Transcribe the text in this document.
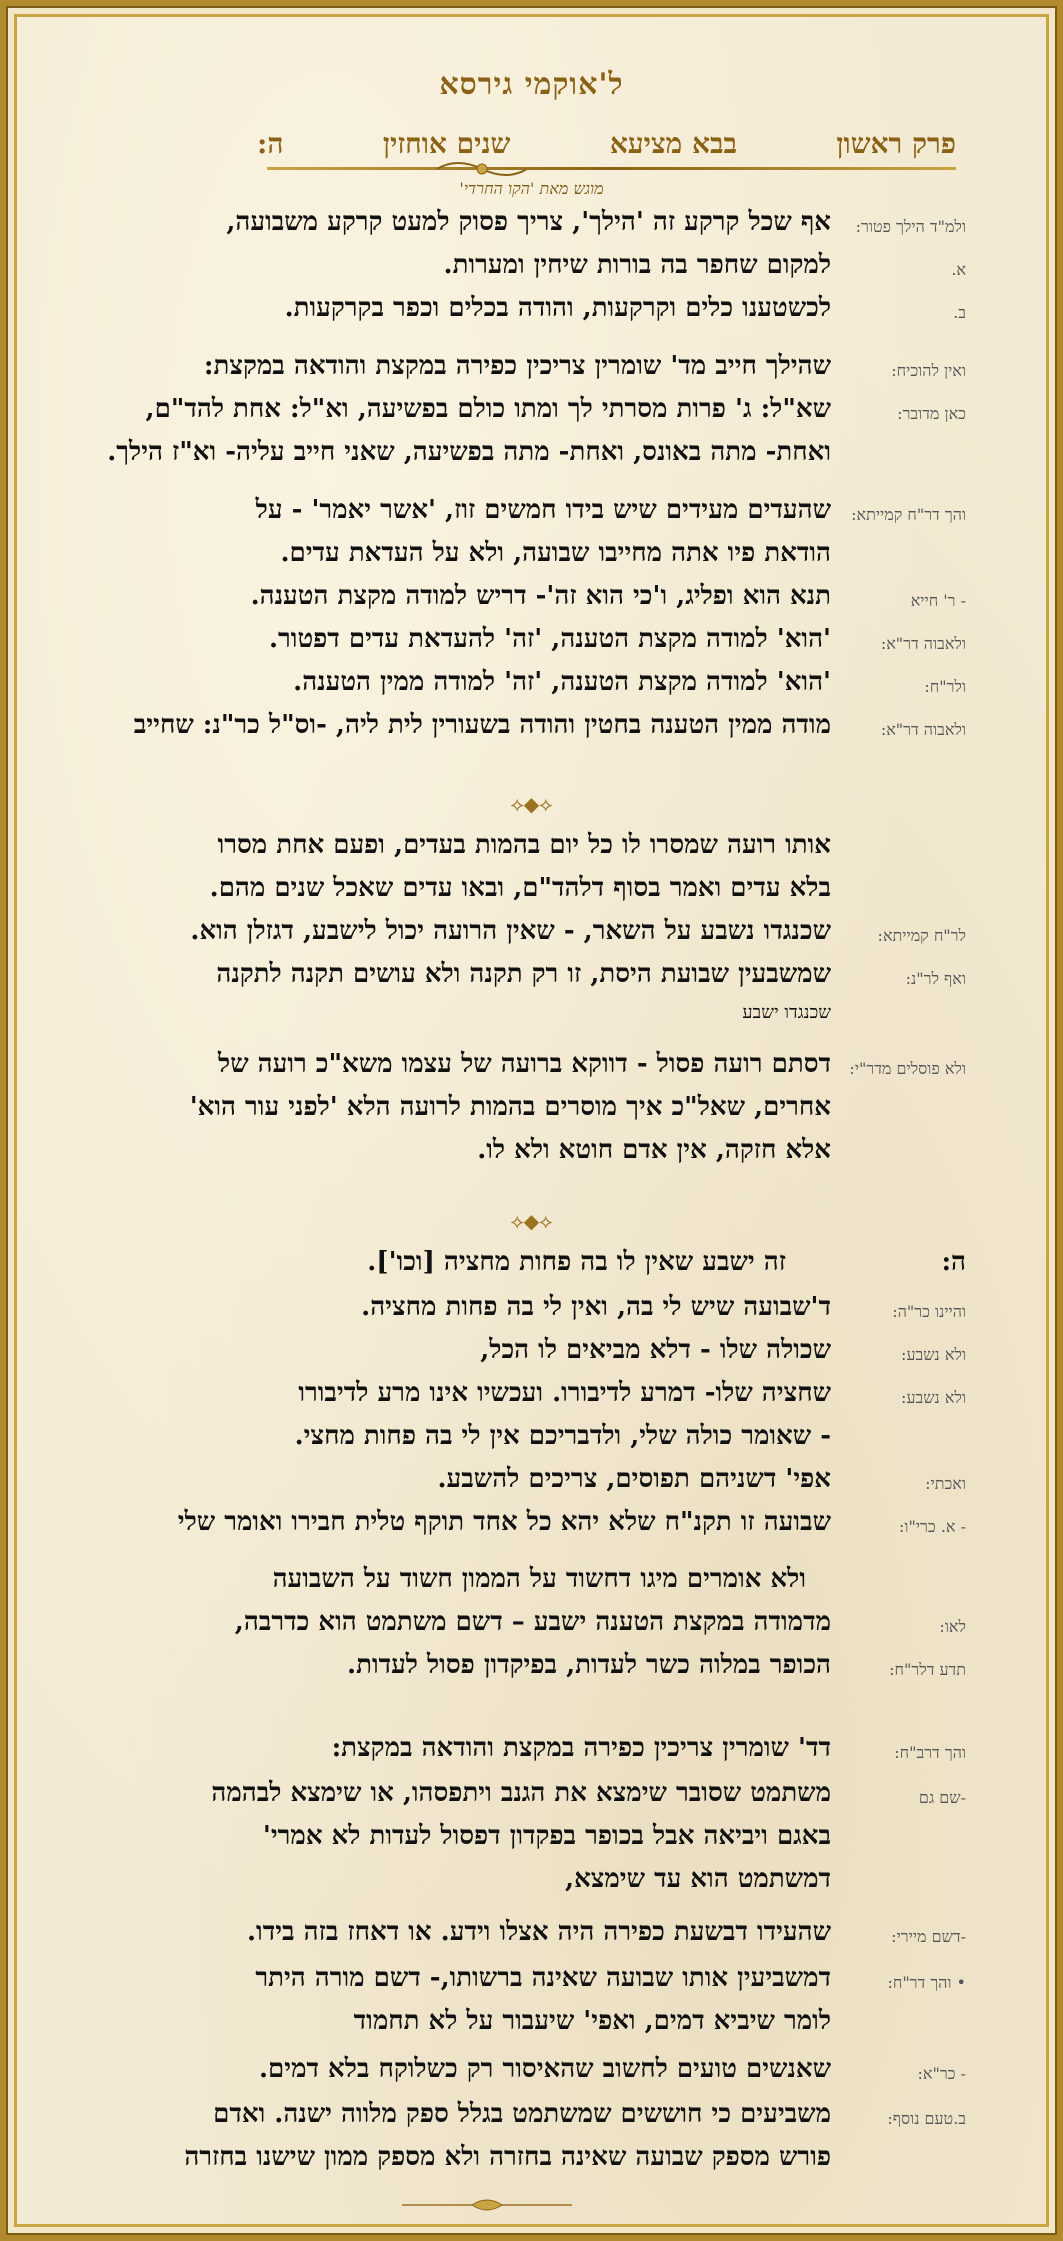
ל'אוקמי גירסא
פרק ראשון
בבא מציעא
שנים אוחזין
ה:
מוגש מאת 'הקו החרדי'
ולמ"ד הילך פטור:
אף שכל קרקע זה 'הילך', צריך פסוק למעט קרקע משבועה,
א.
למקום שחפר בה בורות שיחין ומערות.
ב.
לכשטענו כלים וקרקעות, והודה בכלים וכפר בקרקעות.
ואין להוכיח:
שהילך חייב מד' שומרין צריכין כפירה במקצת והודאה במקצת:
כאן מדובר:
שא"ל: ג' פרות מסרתי לך ומתו כולם בפשיעה, וא"ל: אחת להד"ם,
ואחת- מתה באונס, ואחת- מתה בפשיעה, שאני חייב עליה- וא"ז הילך.
והך דר"ח קמייתא:
שהעדים מעידים שיש בידו חמשים זוז, 'אשר יאמר' - על
הודאת פיו אתה מחייבו שבועה, ולא על העדאת עדים.
- ר' חייא
תנא הוא ופליג, ו'כי הוא זה'- דריש למודה מקצת הטענה.
ולאבוה דר"א:
'הוא' למודה מקצת הטענה, 'זה' להעדאת עדים דפטור.
ולר"ח:
'הוא' למודה מקצת הטענה, 'זה' למודה ממין הטענה.
ולאבוה דר"א:
מודה ממין הטענה בחטין והודה בשעורין לית ליה, -וס"ל כר"נ: שחייב
⟡◆⟡
אותו רועה שמסרו לו כל יום בהמות בעדים, ופעם אחת מסרו
בלא עדים ואמר בסוף דלהד"ם, ובאו עדים שאכל שנים מהם.
לר"ח קמייתא:
שכנגדו נשבע על השאר, - שאין הרועה יכול לישבע, דגזלן הוא.
ואף לר"נ:
שמשבעין שבועת היסת, זו רק תקנה ולא עושים תקנה לתקנה
שכנגדו ישבע
ולא פוסלים מדר"י:
דסתם רועה פסול - דווקא ברועה של עצמו משא"כ רועה של
אחרים, שאל"כ איך מוסרים בהמות לרועה הלא 'לפני עור הוא'
אלא חזקה, אין אדם חוטא ולא לו.
⟡◆⟡
ה:
זה ישבע שאין לו בה פחות מחציה [וכו'].
והיינו כר"ה:
ד'שבועה שיש לי בה, ואין לי בה פחות מחציה.
ולא נשבע:
שכולה שלו - דלא מביאים לו הכל,
ולא נשבע:
שחציה שלו- דמרע לדיבורו. ועכשיו אינו מרע לדיבורו
- שאומר כולה שלי, ולדבריכם אין לי בה פחות מחצי.
ואכתי:
אפי' דשניהם תפוסים, צריכים להשבע.
- א. כרי"ו:
שבועה זו תקנ"ח שלא יהא כל אחד תוקף טלית חבירו ואומר שלי
ולא אומרים מיגו דחשוד על הממון חשוד על השבועה
לאו:
מדמודה במקצת הטענה ישבע – דשם משתמט הוא כדרבה,
תדע דלר"ח:
הכופר במלוה כשר לעדות, בפיקדון פסול לעדות.
והך דרב"ח:
דד' שומרין צריכין כפירה במקצת והודאה במקצת:
-שם גם
משתמט שסובר שימצא את הגנב ויתפסהו, או שימצא לבהמה
באגם ויביאה אבל בכופר בפקדון דפסול לעדות לא אמרי'
דמשתמט הוא עד שימצא,
-דשם מיירי:
שהעידו דבשעת כפירה היה אצלו וידע. או דאחז בזה בידו.
• והך דר"ח:
דמשביעין אותו שבועה שאינה ברשותו,- דשם מורה היתר
לומר שיביא דמים, ואפי' שיעבור על לא תחמוד
- כר"א:
שאנשים טועים לחשוב שהאיסור רק כשלוקח בלא דמים.
ב.טעם נוסף:
משביעים כי חוששים שמשתמט בגלל ספק מלווה ישנה. ואדם
פורש מספק שבועה שאינה בחזרה ולא מספק ממון שישנו בחזרה
